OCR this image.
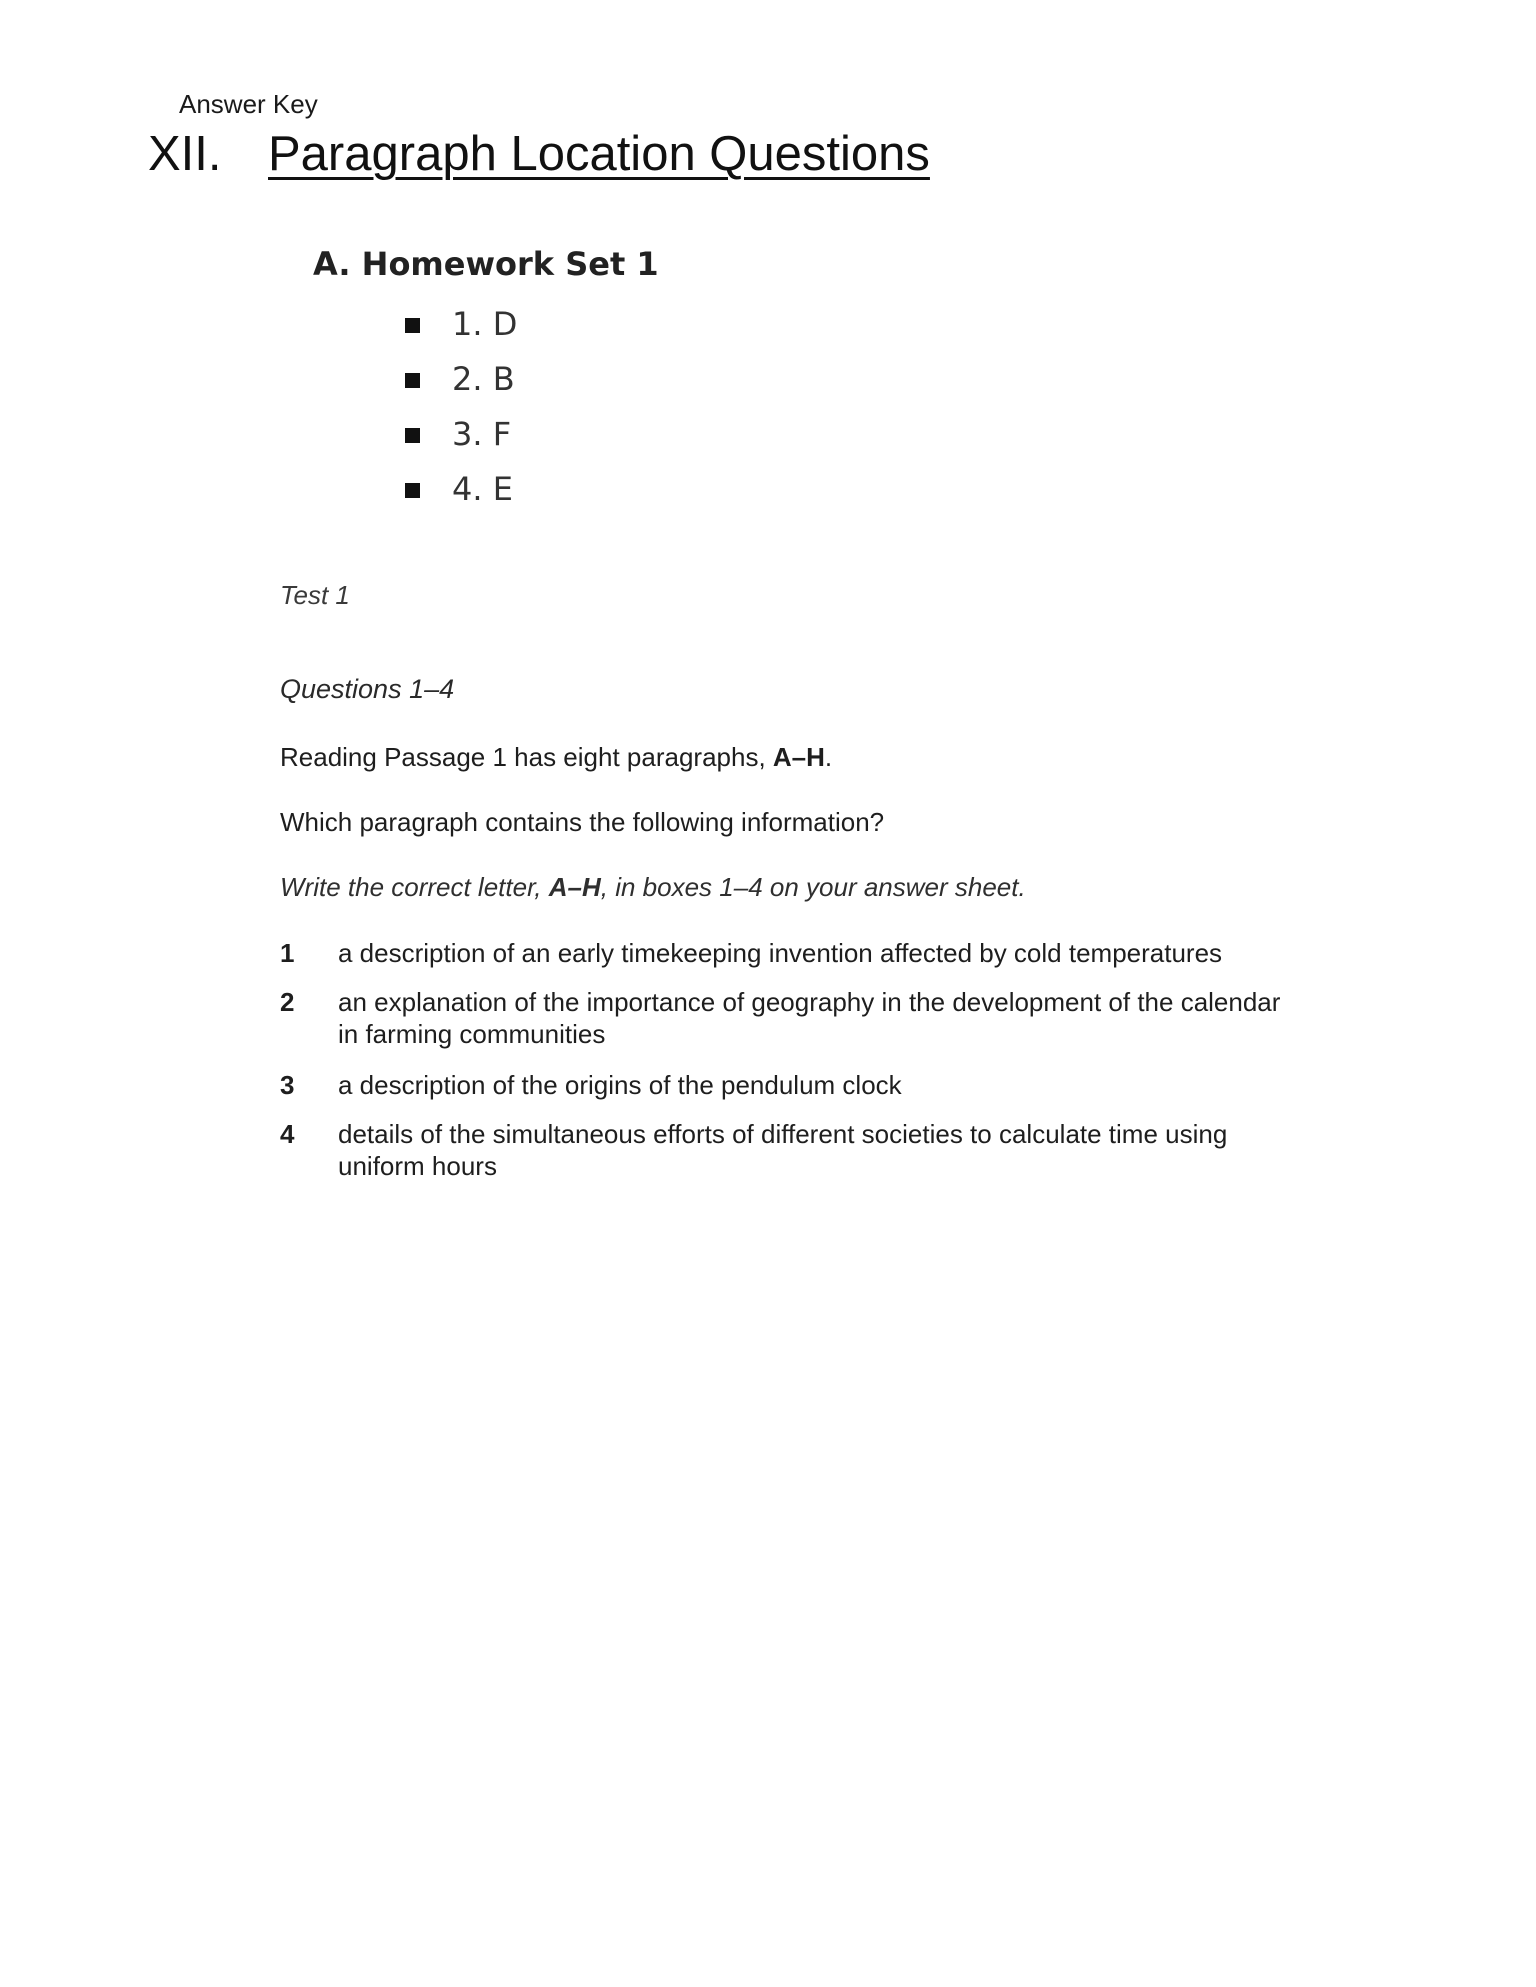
Answer Key
XII. Paragraph Location Questions
A. Homework Set 1
1. D
2. B
3. F
4. E
Test 1
Questions 1–4
Reading Passage 1 has eight paragraphs, A–H.
Which paragraph contains the following information?
Write the correct letter, A–H, in boxes 1–4 on your answer sheet.
1	a description of an early timekeeping invention affected by cold temperatures
2	an explanation of the importance of geography in the development of the calendar in farming communities
3	a description of the origins of the pendulum clock
4	details of the simultaneous efforts of different societies to calculate time using uniform hours
